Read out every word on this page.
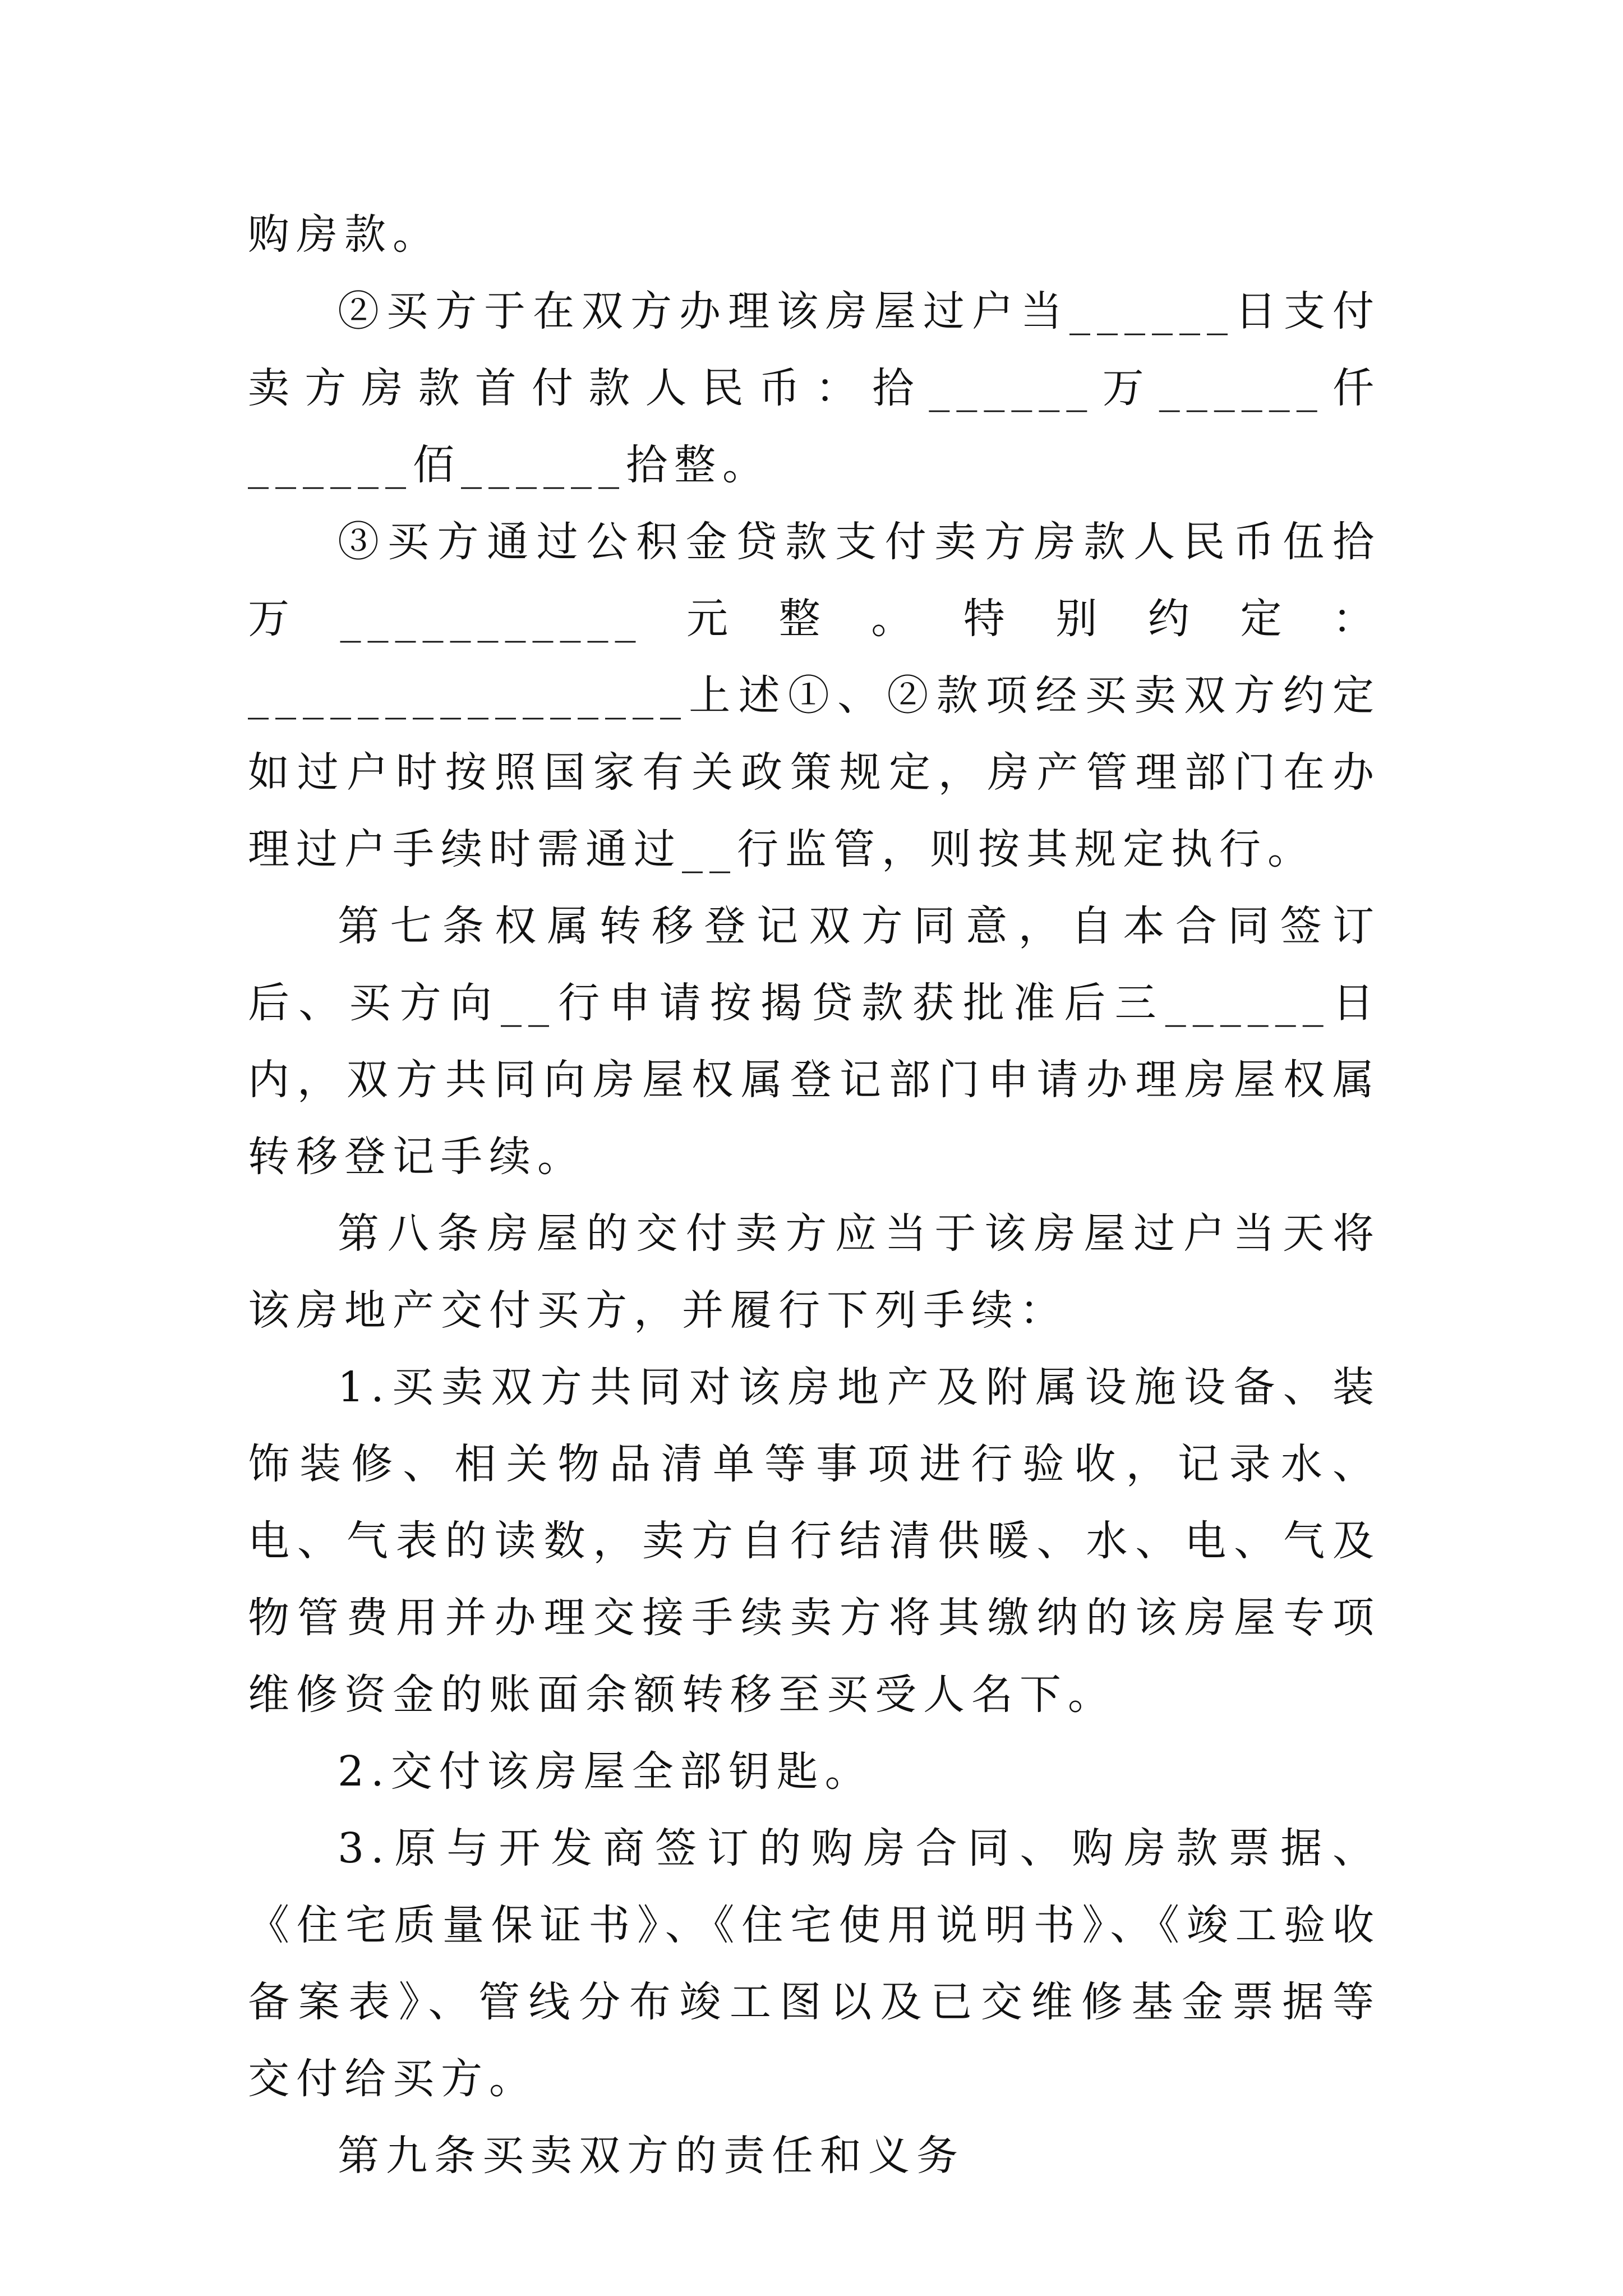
购房款。

②买方于在双方办理该房屋过户当______日支付卖方房款首付款人民币：拾______万______仟______佰______拾整。

③买方通过公积金贷款支付卖方房款人民币伍拾万___________元整。特别约定：________________上述①、②款项经买卖双方约定如过户时按照国家有关政策规定，房产管理部门在办理过户手续时需通过__行监管，则按其规定执行。

第七条权属转移登记双方同意，自本合同签订后、买方向__行申请按揭贷款获批准后三______日内，双方共同向房屋权属登记部门申请办理房屋权属转移登记手续。

第八条房屋的交付卖方应当于该房屋过户当天将该房地产交付买方，并履行下列手续：

1.买卖双方共同对该房地产及附属设施设备、装饰装修、相关物品清单等事项进行验收，记录水、电、气表的读数，卖方自行结清供暖、水、电、气及物管费用并办理交接手续卖方将其缴纳的该房屋专项维修资金的账面余额转移至买受人名下。

2.交付该房屋全部钥匙。

3.原与开发商签订的购房合同、购房款票据、《住宅质量保证书》、《住宅使用说明书》、《竣工验收备案表》、管线分布竣工图以及已交维修基金票据等交付给买方。

第九条买卖双方的责任和义务
